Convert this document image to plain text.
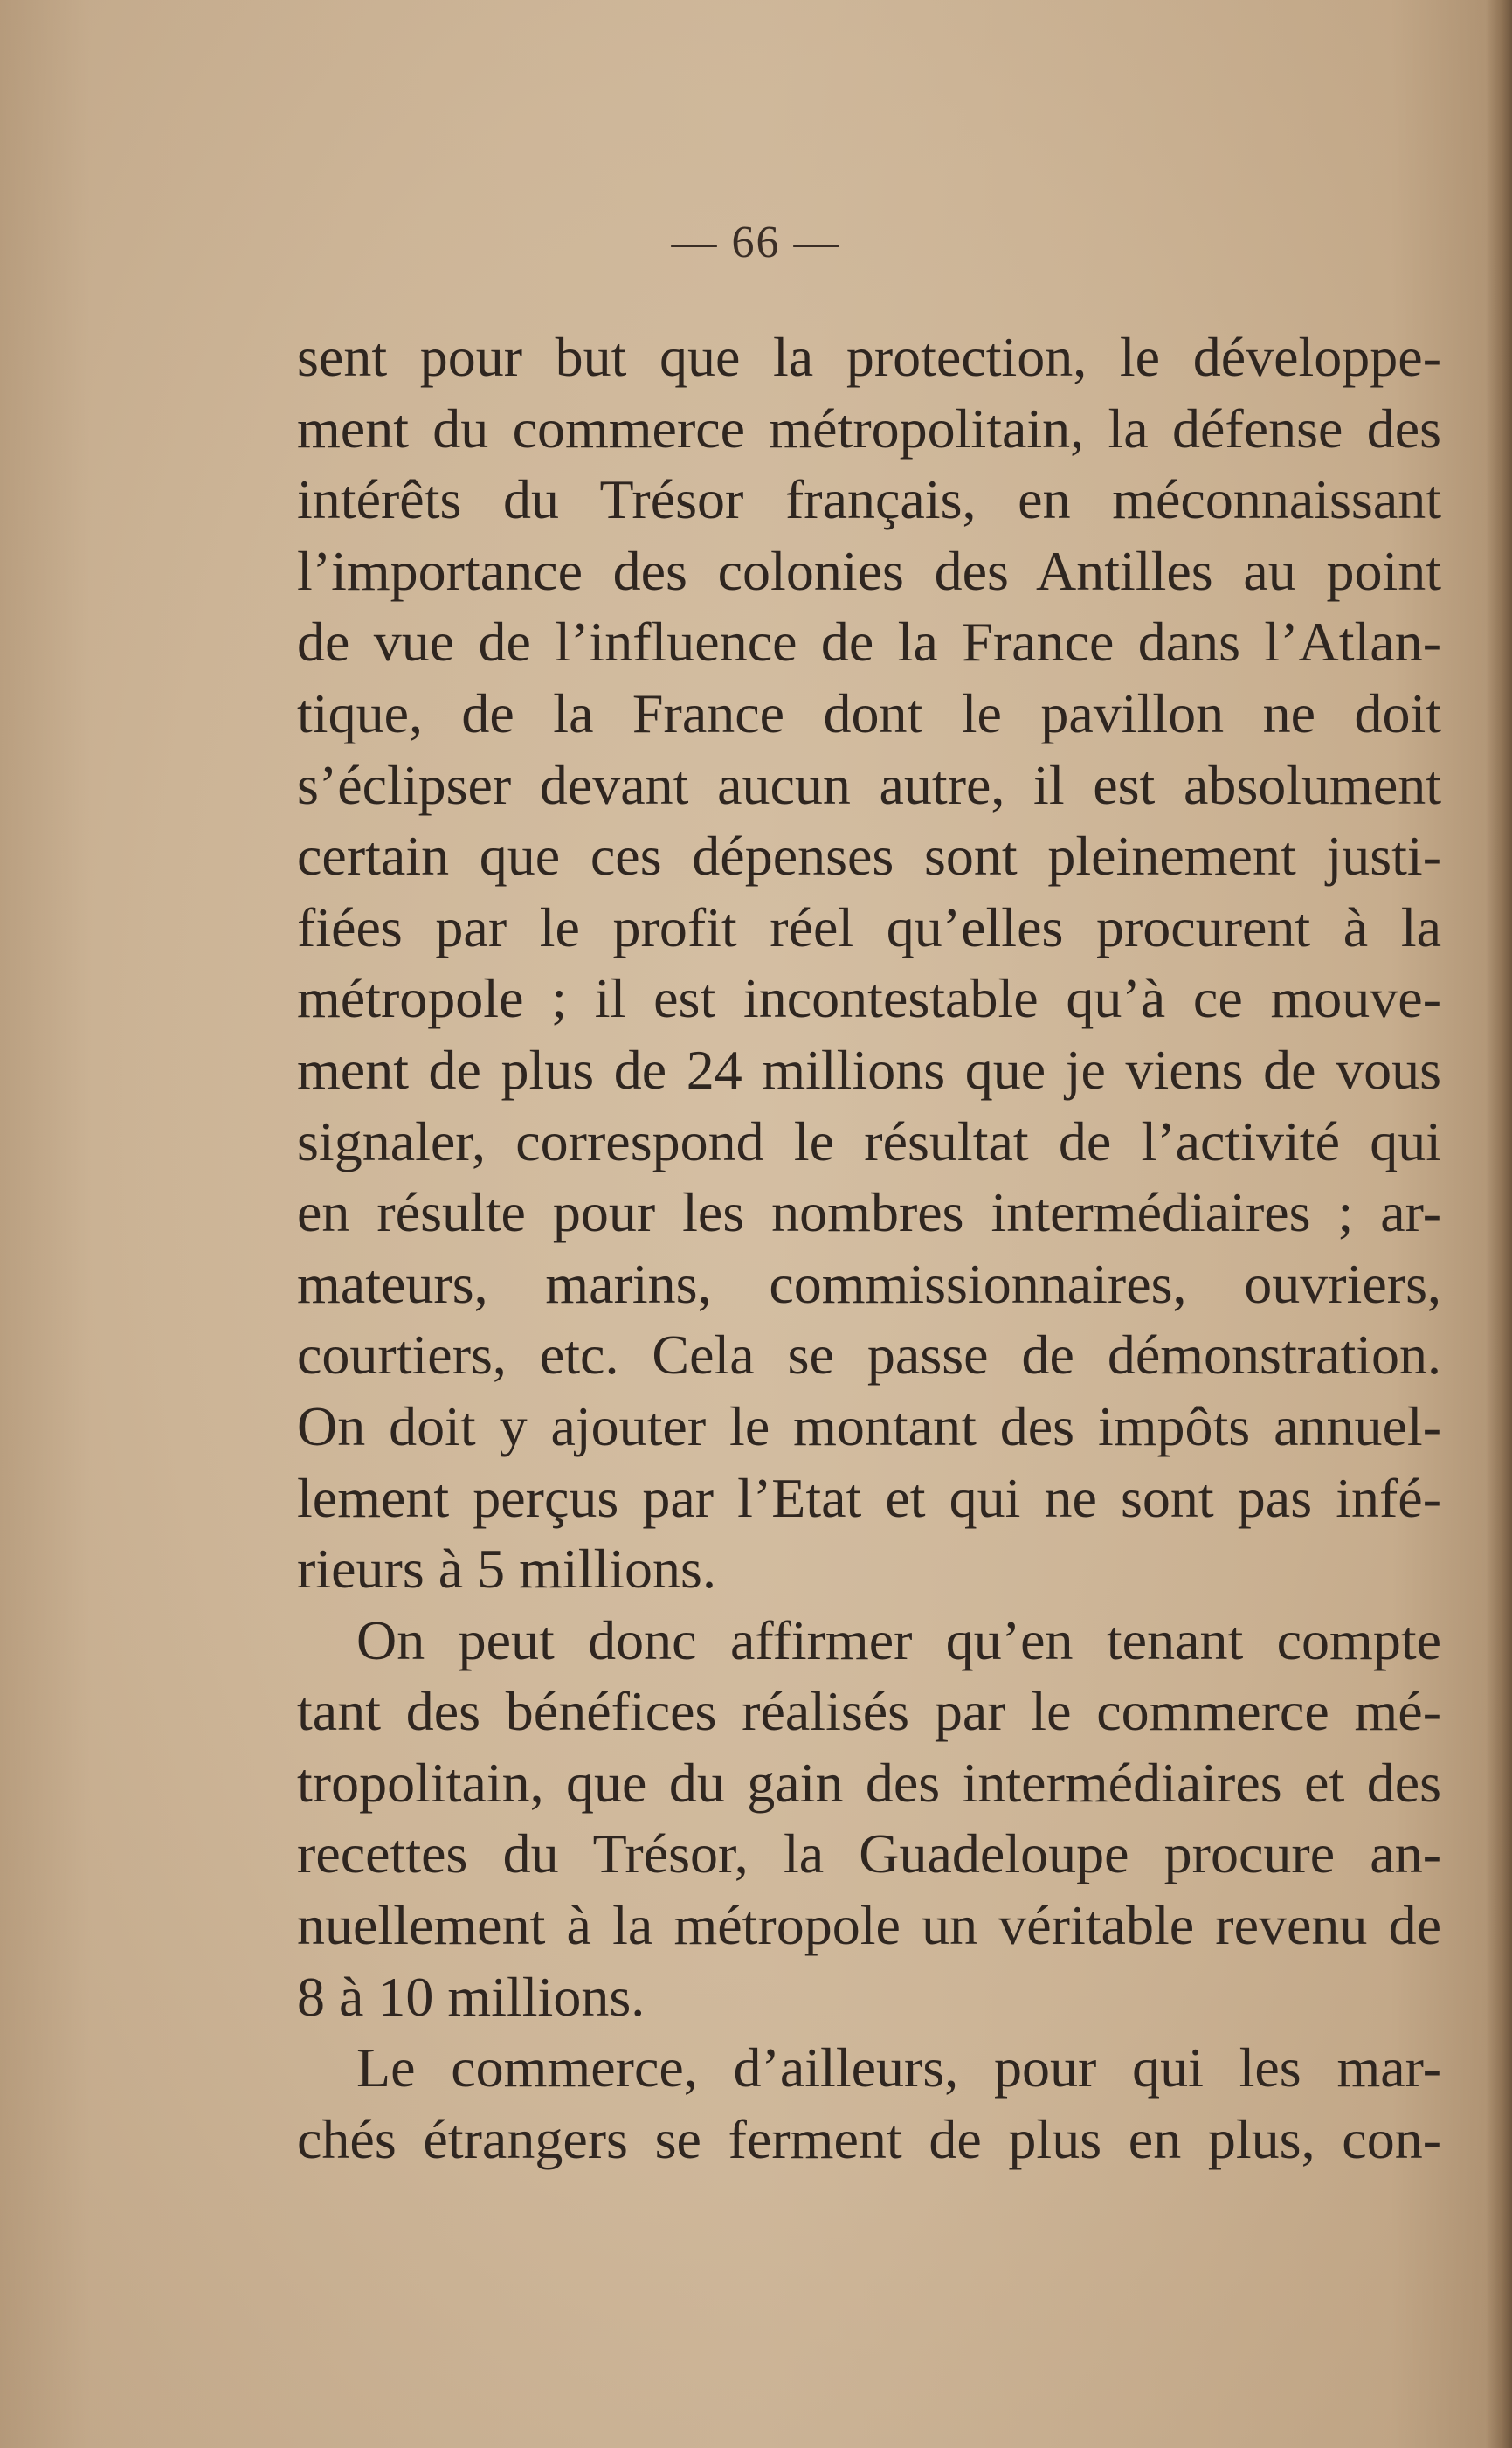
— 66 —
sent pour but que la protection, le développe-
ment du commerce métropolitain, la défense des
intérêts du Trésor français, en méconnaissant
l’importance des colonies des Antilles au point
de vue de l’influence de la France dans l’Atlan-
tique, de la France dont le pavillon ne doit
s’éclipser devant aucun autre, il est absolument
certain que ces dépenses sont pleinement justi-
fiées par le profit réel qu’elles procurent à la
métropole ; il est incontestable qu’à ce mouve-
ment de plus de 24 millions que je viens de vous
signaler, correspond le résultat de l’activité qui
en résulte pour les nombres intermédiaires ; ar-
mateurs, marins, commissionnaires, ouvriers,
courtiers, etc. Cela se passe de démonstration.
On doit y ajouter le montant des impôts annuel-
lement perçus par l’Etat et qui ne sont pas infé-
rieurs à 5 millions.
On peut donc affirmer qu’en tenant compte
tant des bénéfices réalisés par le commerce mé-
tropolitain, que du gain des intermédiaires et des
recettes du Trésor, la Guadeloupe procure an-
nuellement à la métropole un véritable revenu de
8 à 10 millions.
Le commerce, d’ailleurs, pour qui les mar-
chés étrangers se ferment de plus en plus, con-
